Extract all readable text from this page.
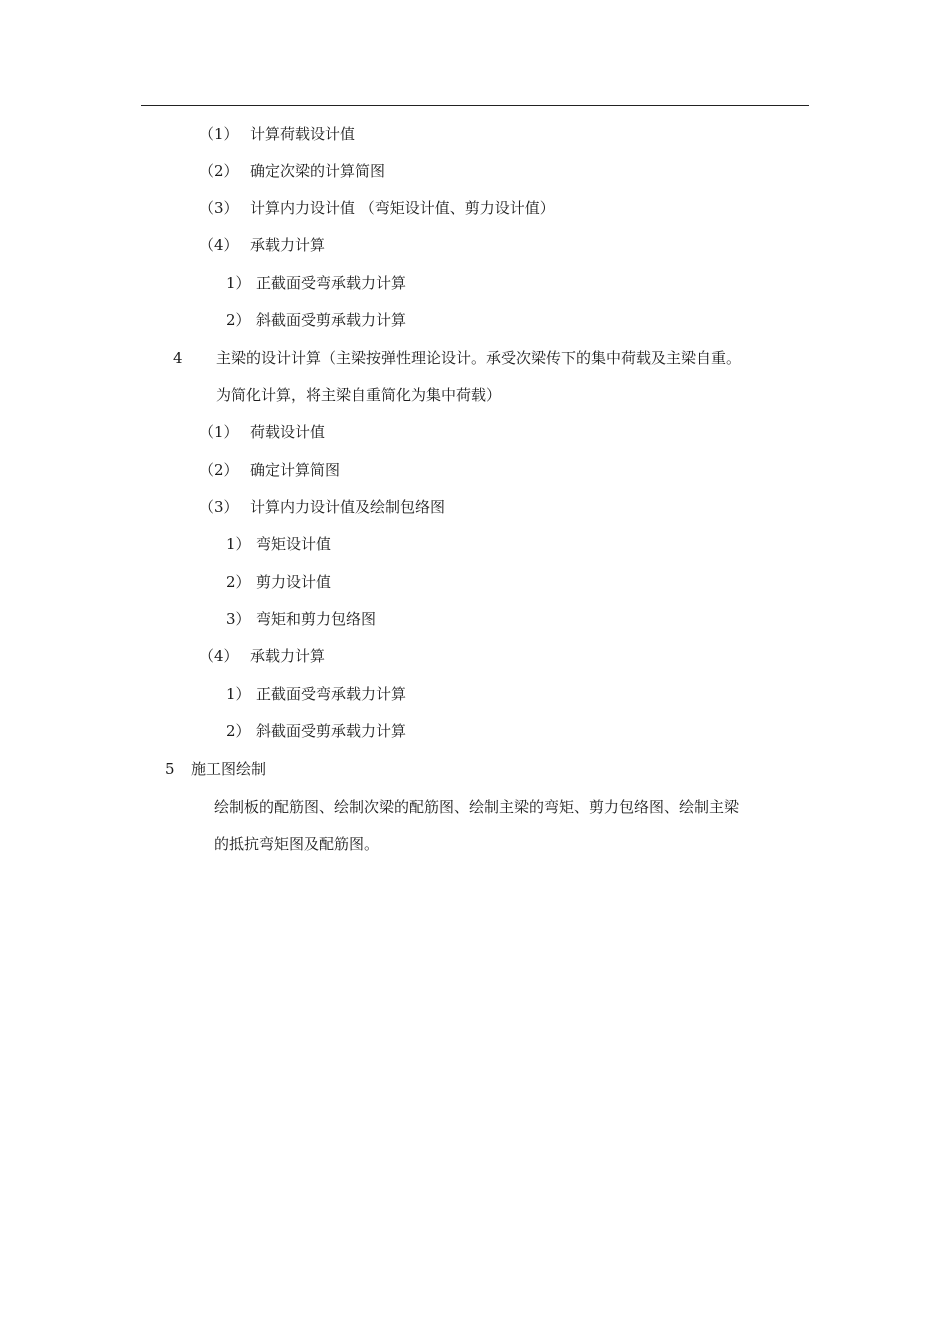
（1） 计算荷载设计值
（2） 确定次梁的计算简图
（3） 计算内力设计值 （弯矩设计值、剪力设计值）
（4） 承载力计算
1） 正截面受弯承载力计算
2） 斜截面受剪承载力计算
4 主梁的设计计算（主梁按弹性理论设计。承受次梁传下的集中荷载及主梁自重。
为简化计算，将主梁自重简化为集中荷载）
（1） 荷载设计值
（2） 确定计算简图
（3） 计算内力设计值及绘制包络图
1） 弯矩设计值
2） 剪力设计值
3） 弯矩和剪力包络图
（4） 承载力计算
1） 正截面受弯承载力计算
2） 斜截面受剪承载力计算
5 施工图绘制
绘制板的配筋图、绘制次梁的配筋图、绘制主梁的弯矩、剪力包络图、绘制主梁
的抵抗弯矩图及配筋图。
